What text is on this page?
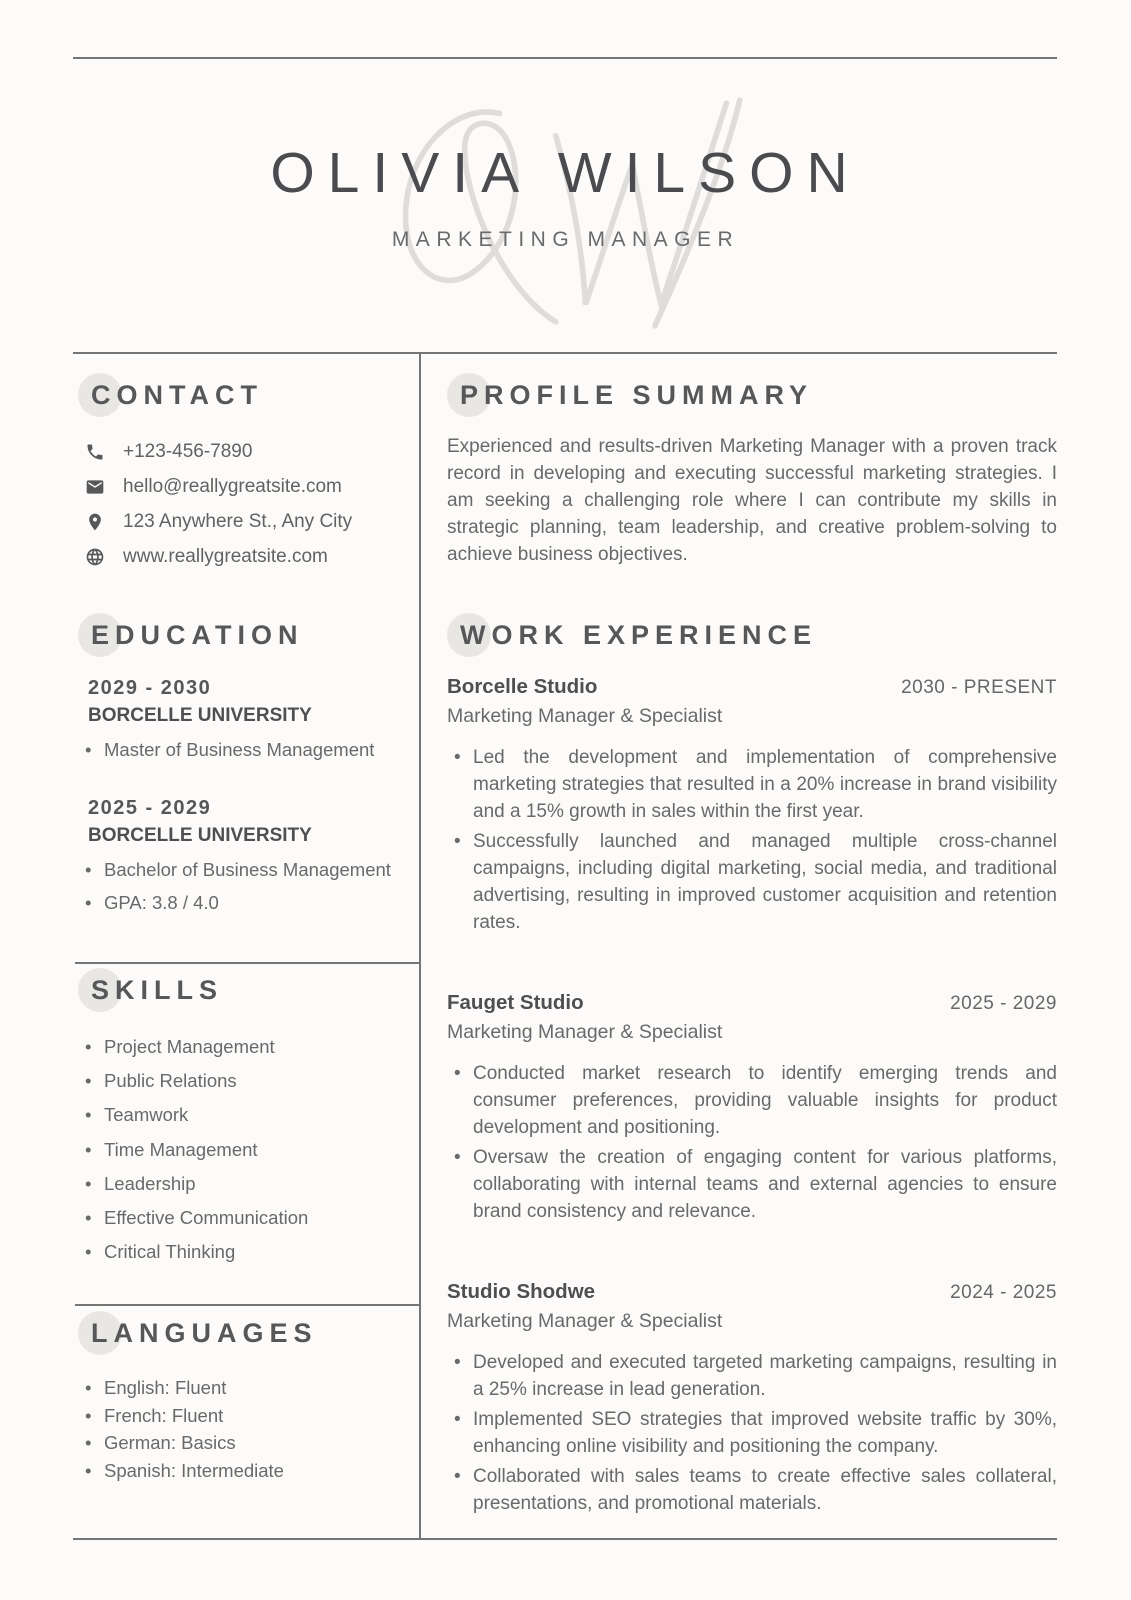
OLIVIA WILSON
MARKETING MANAGER
CONTACT
+123-456-7890
hello@reallygreatsite.com
123 Anywhere St., Any City
www.reallygreatsite.com
PROFILE SUMMARY

Experienced and results-driven Marketing Manager with a proven track record in developing and executing successful marketing strategies. I am seeking a challenging role where I can contribute my skills in strategic planning, team leadership, and creative problem-solving to achieve business objectives.

EDUCATION
2029 - 2030
BORCELLE UNIVERSITY
• Master of Business Management
2025 - 2029
BORCELLE UNIVERSITY
• Bachelor of Business Management
• GPA: 3.8 / 4.0
SKILLS
• Project Management
• Public Relations
• Teamwork
• Time Management
• Leadership
• Effective Communication
• Critical Thinking
LANGUAGES
• English: Fluent
• French: Fluent
• German: Basics
• Spanish: Intermediate
WORK EXPERIENCE
Borcelle Studio	2030 - PRESENT
Marketing Manager & Specialist
• Led the development and implementation of comprehensive marketing strategies that resulted in a 20% increase in brand visibility and a 15% growth in sales within the first year.
• Successfully launched and managed multiple cross-channel campaigns, including digital marketing, social media, and traditional advertising, resulting in improved customer acquisition and retention rates.
Fauget Studio	2025 - 2029
Marketing Manager & Specialist
• Conducted market research to identify emerging trends and consumer preferences, providing valuable insights for product development and positioning.
• Oversaw the creation of engaging content for various platforms, collaborating with internal teams and external agencies to ensure brand consistency and relevance.
Studio Shodwe	2024 - 2025
Marketing Manager & Specialist
• Developed and executed targeted marketing campaigns, resulting in a 25% increase in lead generation.
• Implemented SEO strategies that improved website traffic by 30%, enhancing online visibility and positioning the company.
• Collaborated with sales teams to create effective sales collateral, presentations, and promotional materials.
